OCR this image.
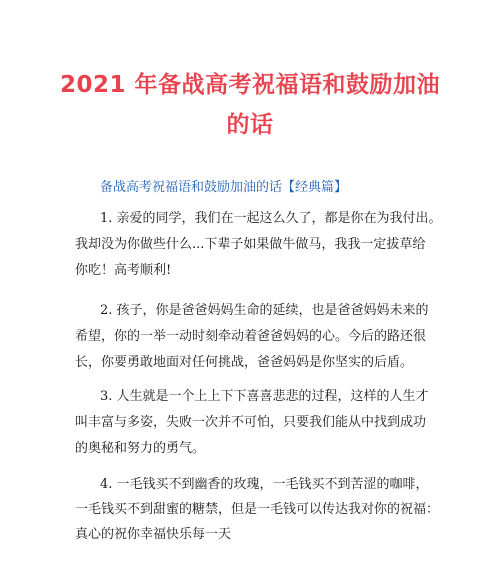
2021 年备战高考祝福语和鼓励加油
的话
备战高考祝福语和鼓励加油的话【经典篇】
1. 亲爱的同学，我们在一起这么久了，都是你在为我付出。
我却没为你做些什么...下辈子如果做牛做马，我我一定拔草给
你吃！高考顺利!
2. 孩子，你是爸爸妈妈生命的延续，也是爸爸妈妈未来的
希望，你的一举一动时刻牵动着爸爸妈妈的心。今后的路还很
长，你要勇敢地面对任何挑战，爸爸妈妈是你坚实的后盾。
3. 人生就是一个上上下下喜喜悲悲的过程，这样的人生才
叫丰富与多姿，失败一次并不可怕，只要我们能从中找到成功
的奥秘和努力的勇气。
4. 一毛钱买不到幽香的玫瑰，一毛钱买不到苦涩的咖啡，
一毛钱买不到甜蜜的糖禁，但是一毛钱可以传达我对你的祝福：
真心的祝你幸福快乐每一天
